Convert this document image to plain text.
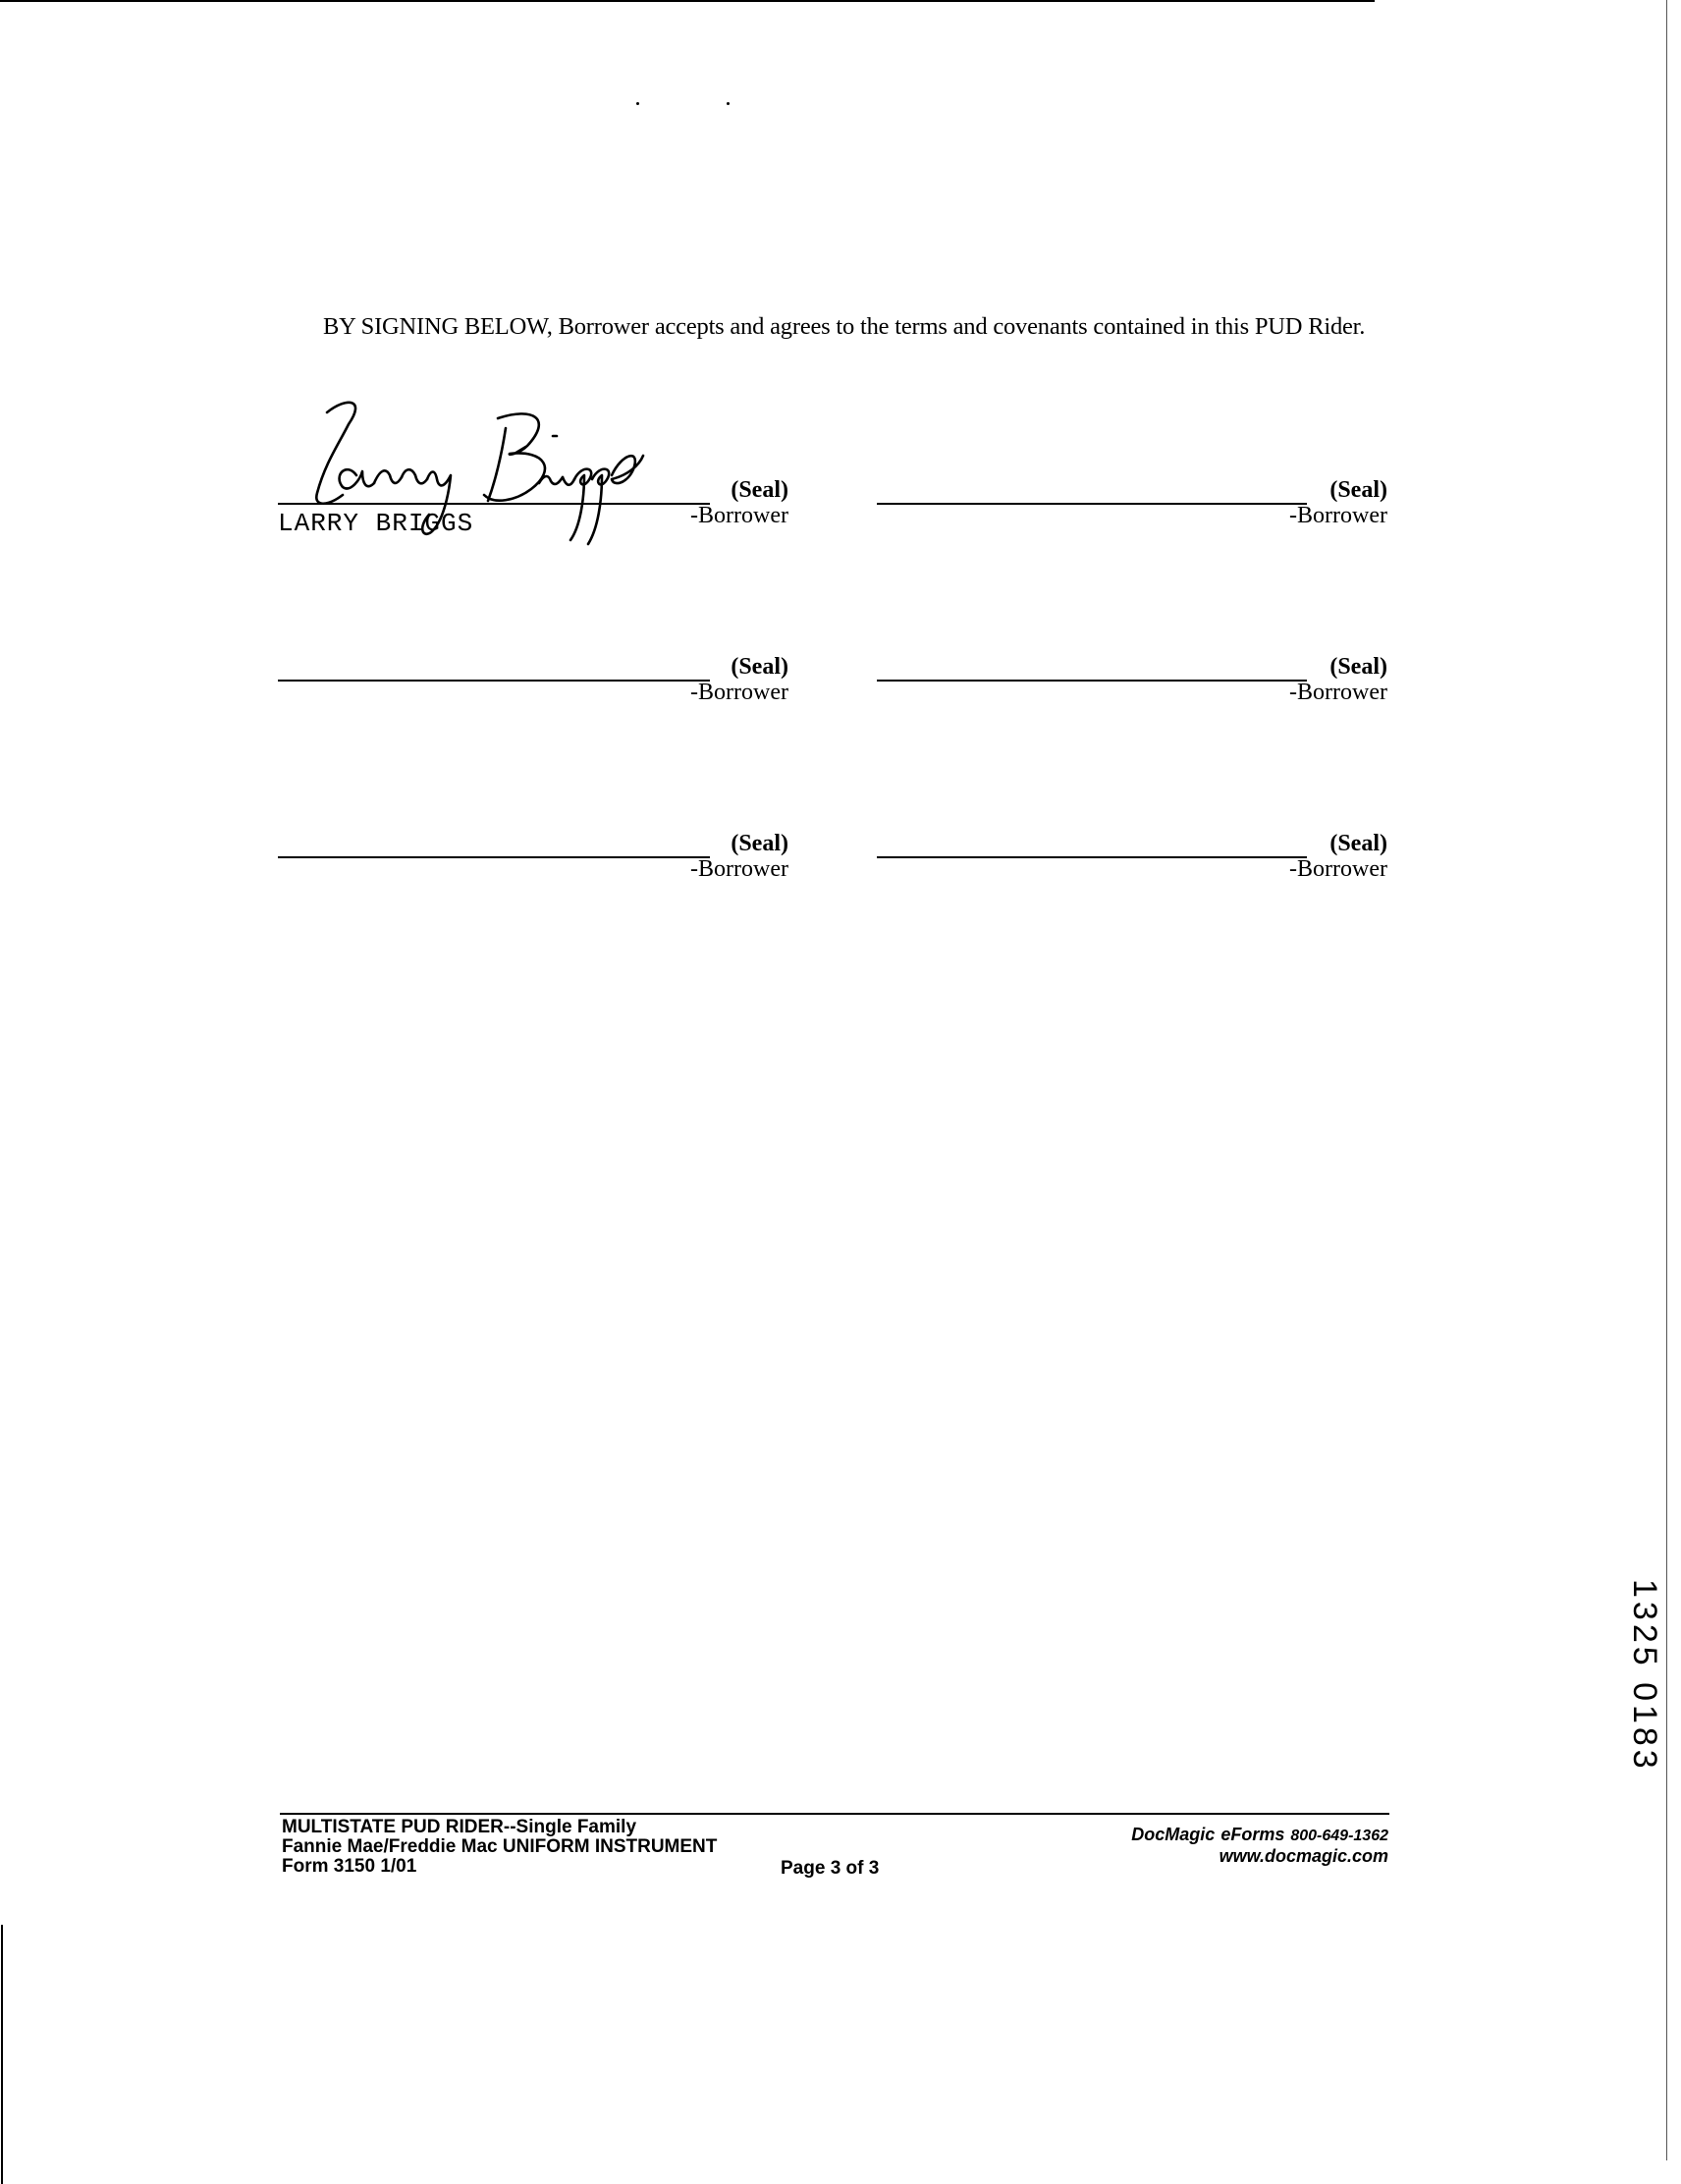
BY SIGNING BELOW, Borrower accepts and agrees to the terms and covenants contained in this PUD Rider.

(Seal)
-Borrower
LARRY BRIGGS
(Seal)
-Borrower
(Seal)
-Borrower
(Seal)
-Borrower
(Seal)
-Borrower
(Seal)
-Borrower
MULTISTATE PUD RIDER--Single Family
Fannie Mae/Freddie Mac UNIFORM INSTRUMENT
Form 3150 1/01	Page 3 of 3
DocMagic eForms 800-649-1362
www.docmagic.com
1325 0183
